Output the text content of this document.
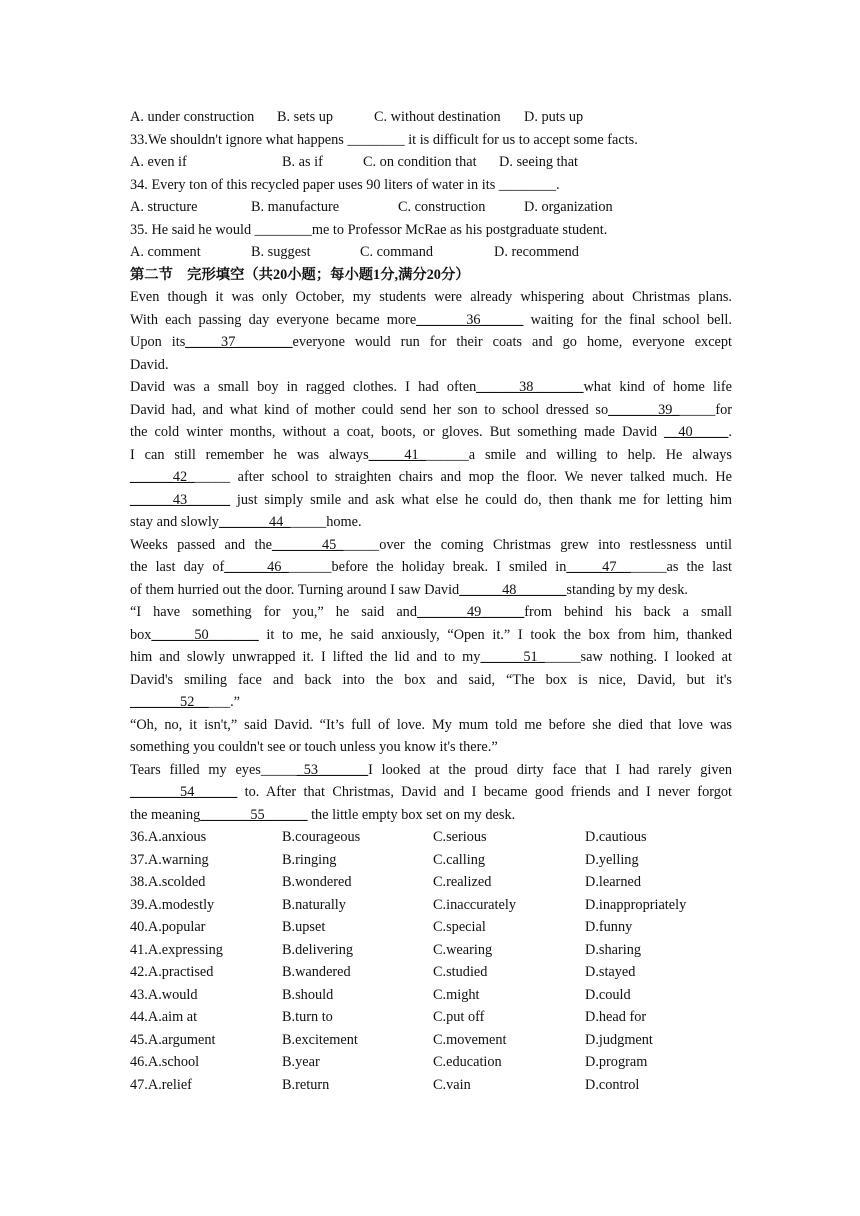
A. under construction B. sets up	C. without destination D. puts up
33.We shouldn't ignore what happens ________ it is difficult for us to accept some facts.
A. even if	B. as if	C. on condition that D. seeing that
34. Every ton of this recycled paper uses 90 liters of water in its ________.
A. structure	B. manufacture	C. construction	D. organization
35. He said he would ________me to Professor McRae as his postgraduate student.
A. comment	B. suggest	C. command	D. recommend
第二节　完形填空（共20小题；每小题1分,满分20分）
Even though it was only October, my students were already whispering about Christmas plans.
With each passing day everyone became more_______36______ waiting for the final school bell.
Upon its_____37________everyone would run for their coats and go home, everyone except
David.
David was a small boy in ragged clothes. I had often______38_______what kind of home life
David had, and what kind of mother could send her son to school dressed so_______39______for
the cold winter months, without a coat, boots, or gloves. But something made David __40_____.
I can still remember he was always_____41_______a smile and willing to help. He always
______42______ after school to straighten chairs and mop the floor. We never talked much. He
______43______ just simply smile and ask what else he could do, then thank me for letting him
stay and slowly_______44______home.
Weeks passed and the_______45______over the coming Christmas grew into restlessness until
the last day of______46_______before the holiday break. I smiled in_____47_______as the last
of them hurried out the door. Turning around I saw David______48_______standing by my desk.
“I have something for you,” he said and_______49______from behind his back a small
box______50_______ it to me, he said anxiously, “Open it.” I took the box from him, thanked
him and slowly unwrapped it. I lifted the lid and to my______51______saw nothing. I looked at
David's smiling face and back into the box and said, “The box is nice, David, but it's
_______52_____.”
“Oh, no, it isn't,” said David. “It’s full of love. My mum told me before she died that love was
something you couldn't see or touch unless you know it's there.”
Tears filled my eyes______53_______I looked at the proud dirty face that I had rarely given
_______54______ to. After that Christmas, David and I became good friends and I never forgot
the meaning_______55______ the little empty box set on my desk.
36.A.anxious	B.courageous	C.serious	D.cautious
37.A.warning	B.ringing	C.calling	D.yelling
38.A.scolded	B.wondered	C.realized	D.learned
39.A.modestly	B.naturally	C.inaccurately	D.inappropriately
40.A.popular	B.upset	C.special	D.funny
41.A.expressing	B.delivering	C.wearing	D.sharing
42.A.practised	B.wandered	C.studied	D.stayed
43.A.would	B.should	C.might	D.could
44.A.aim at	B.turn to	C.put off	D.head for
45.A.argument	B.excitement	C.movement	D.judgment
46.A.school	B.year	C.education	D.program
47.A.relief	B.return	C.vain	D.control
